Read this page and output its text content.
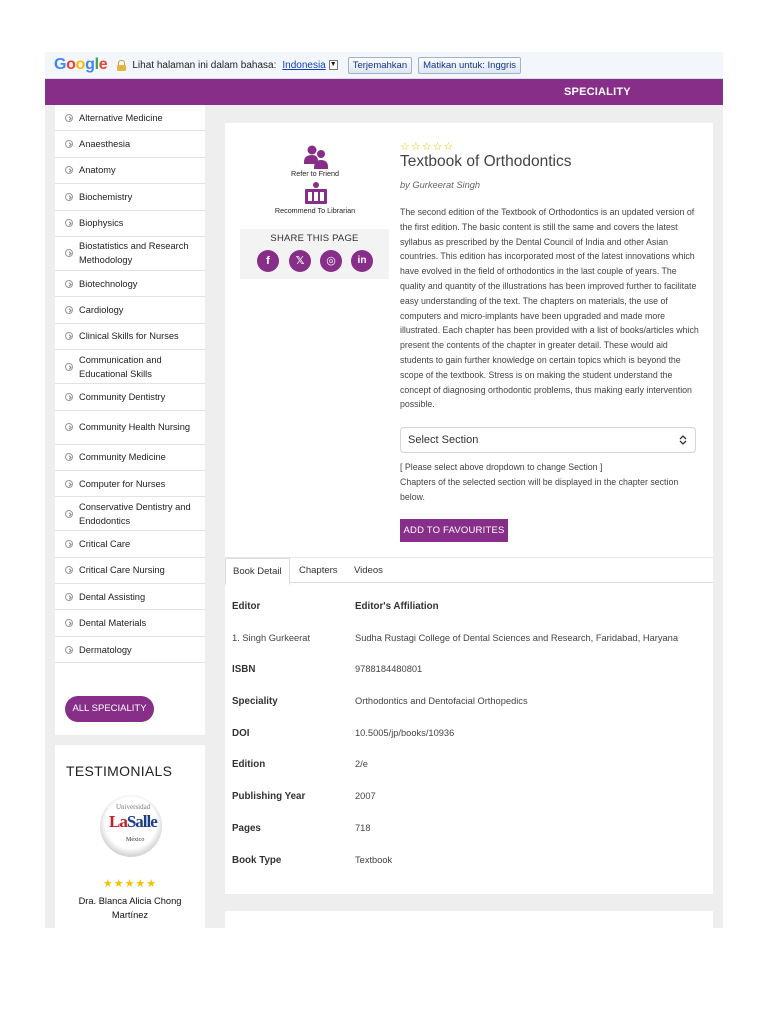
Google	Lihat halaman ini dalam bahasa: Indonesia ▼	Terjemahkan	Matikan untuk: Inggris
SPECIALITY
Alternative Medicine
Anaesthesia
Anatomy
Biochemistry
Biophysics
Biostatistics and Research Methodology
Biotechnology
Cardiology
Clinical Skills for Nurses
Communication and Educational Skills
Community Dentistry
Community Health Nursing
Community Medicine
Computer for Nurses
Conservative Dentistry and Endodontics
Critical Care
Critical Care Nursing
Dental Assisting
Dental Materials
Dermatology
ALL SPECIALITY
TESTIMONIALS
Universidad
LaSalle
México
★★★★★
Dra. Blanca Alicia Chong Martínez
Refer to Friend
Recommend To Librarian
SHARE THIS PAGE
f	𝕏	◎	in
☆☆☆☆☆
Textbook of Orthodontics
by Gurkeerat Singh
The second edition of the Textbook of Orthodontics is an updated version of the first edition. The basic content is still the same and covers the latest syllabus as prescribed by the Dental Council of India and other Asian countries. This edition has incorporated most of the latest innovations which have evolved in the field of orthodontics in the last couple of years. The quality and quantity of the illustrations has been improved further to facilitate easy understanding of the text. The chapters on materials, the use of computers and micro-implants have been upgraded and made more illustrated. Each chapter has been provided with a list of books/articles which present the contents of the chapter in greater detail. These would aid students to gain further knowledge on certain topics which is beyond the scope of the textbook. Stress is on making the student understand the concept of diagnosing orthodontic problems, thus making early intervention possible.
Select Section
[ Please select above dropdown to change Section ]
Chapters of the selected section will be displayed in the chapter section below.
ADD TO FAVOURITES
Book Detail	Chapters Videos
Editor	Editor's Affiliation
1. Singh Gurkeerat	Sudha Rustagi College of Dental Sciences and Research, Faridabad, Haryana
ISBN	9788184480801
Speciality	Orthodontics and Dentofacial Orthopedics
DOI	10.5005/jp/books/10936
Edition	2/e
Publishing Year	2007
Pages	718
Book Type	Textbook
